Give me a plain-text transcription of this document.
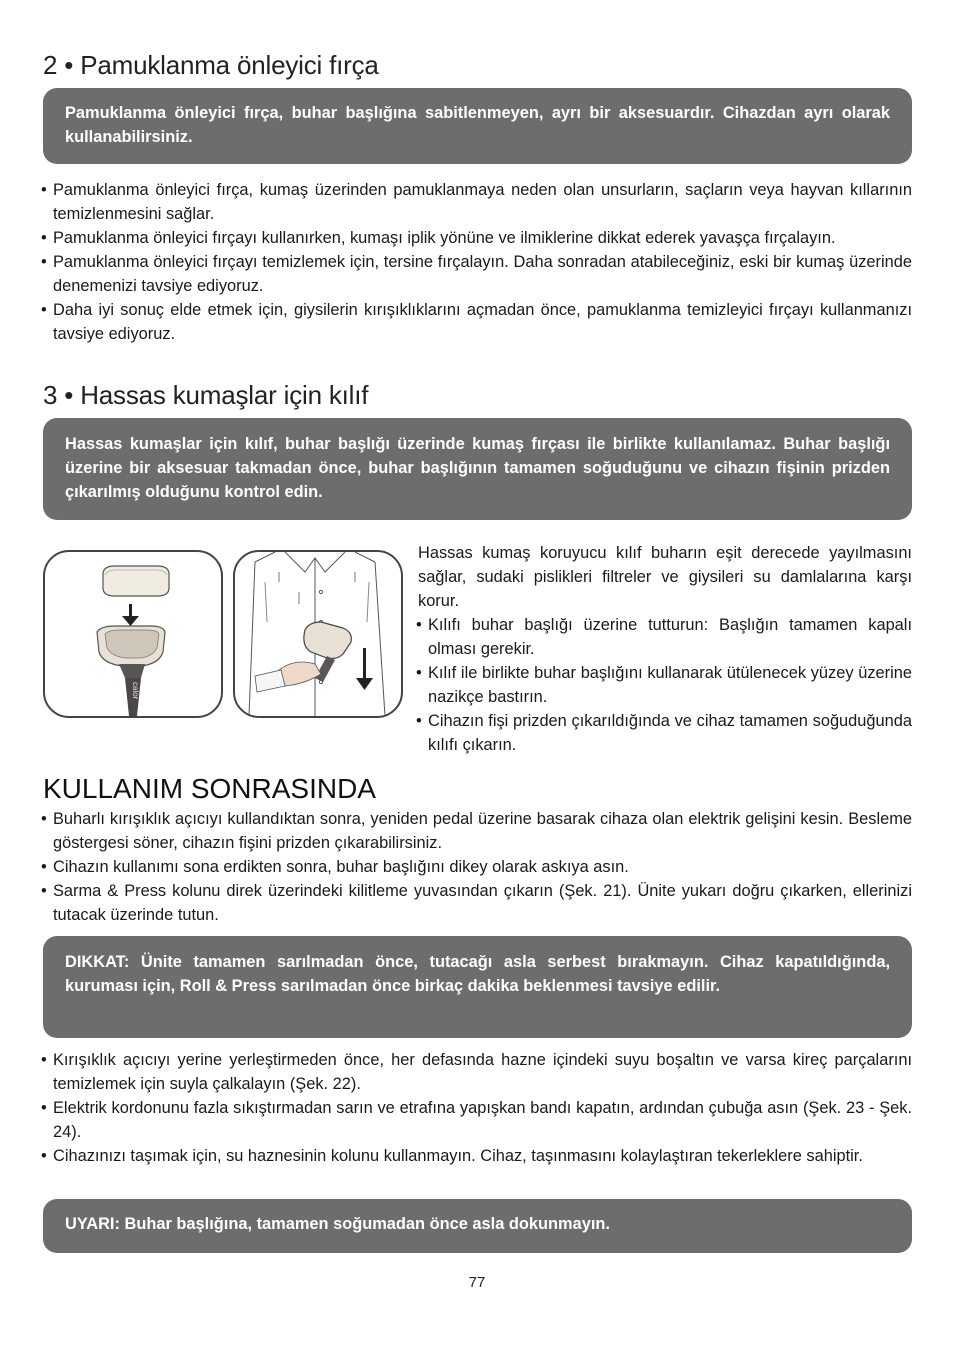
2 • Pamuklanma önleyici fırça

Pamuklanma önleyici fırça, buhar başlığına sabitlenmeyen, ayrı bir aksesuardır. Cihazdan ayrı olarak kullanabilirsiniz.

• Pamuklanma önleyici fırça, kumaş üzerinden pamuklanmaya neden olan unsurların, saçların veya hayvan kıllarının temizlenmesini sağlar.
• Pamuklanma önleyici fırçayı kullanırken, kumaşı iplik yönüne ve ilmiklerine dikkat ederek yavaşça fırçalayın.
• Pamuklanma önleyici fırçayı temizlemek için, tersine fırçalayın. Daha sonradan atabileceğiniz, eski bir kumaş üzerinde denemenizi tavsiye ediyoruz.
• Daha iyi sonuç elde etmek için, giysilerin kırışıklıklarını açmadan önce, pamuklanma temizleyici fırçayı kullanmanızı tavsiye ediyoruz.
3 • Hassas kumaşlar için kılıf

Hassas kumaşlar için kılıf, buhar başlığı üzerinde kumaş fırçası ile birlikte kullanılamaz. Buhar başlığı üzerine bir aksesuar takmadan önce, buhar başlığının tamamen soğuduğunu ve cihazın fişinin prizden çıkarılmış olduğunu kontrol edin.

calor

Hassas kumaş koruyucu kılıf buharın eşit derecede yayılmasını sağlar, sudaki pislikleri filtreler ve giysileri su damlalarına karşı korur.

• Kılıfı buhar başlığı üzerine tutturun: Başlığın tamamen kapalı olması gerekir.
• Kılıf ile birlikte buhar başlığını kullanarak ütülenecek yüzey üzerine nazikçe bastırın.
• Cihazın fişi prizden çıkarıldığında ve cihaz tamamen soğuduğunda kılıfı çıkarın.
KULLANIM SONRASINDA
• Buharlı kırışıklık açıcıyı kullandıktan sonra, yeniden pedal üzerine basarak cihaza olan elektrik gelişini kesin. Besleme göstergesi söner, cihazın fişini prizden çıkarabilirsiniz.
• Cihazın kullanımı sona erdikten sonra, buhar başlığını dikey olarak askıya asın.
• Sarma & Press kolunu direk üzerindeki kilitleme yuvasından çıkarın (Şek. 21). Ünite yukarı doğru çıkarken, ellerinizi tutacak üzerinde tutun.

DIKKAT: Ünite tamamen sarılmadan önce, tutacağı asla serbest bırakmayın. Cihaz kapatıldığında, kuruması için, Roll & Press sarılmadan önce birkaç dakika beklenmesi tavsiye edilir.

• Kırışıklık açıcıyı yerine yerleştirmeden önce, her defasında hazne içindeki suyu boşaltın ve varsa kireç parçalarını temizlemek için suyla çalkalayın (Şek. 22).
• Elektrik kordonunu fazla sıkıştırmadan sarın ve etrafına yapışkan bandı kapatın, ardından çubuğa asın (Şek. 23 - Şek. 24).
• Cihazınızı taşımak için, su haznesinin kolunu kullanmayın. Cihaz, taşınmasını kolaylaştıran tekerleklere sahiptir.

UYARI: Buhar başlığına, tamamen soğumadan önce asla dokunmayın.

77
